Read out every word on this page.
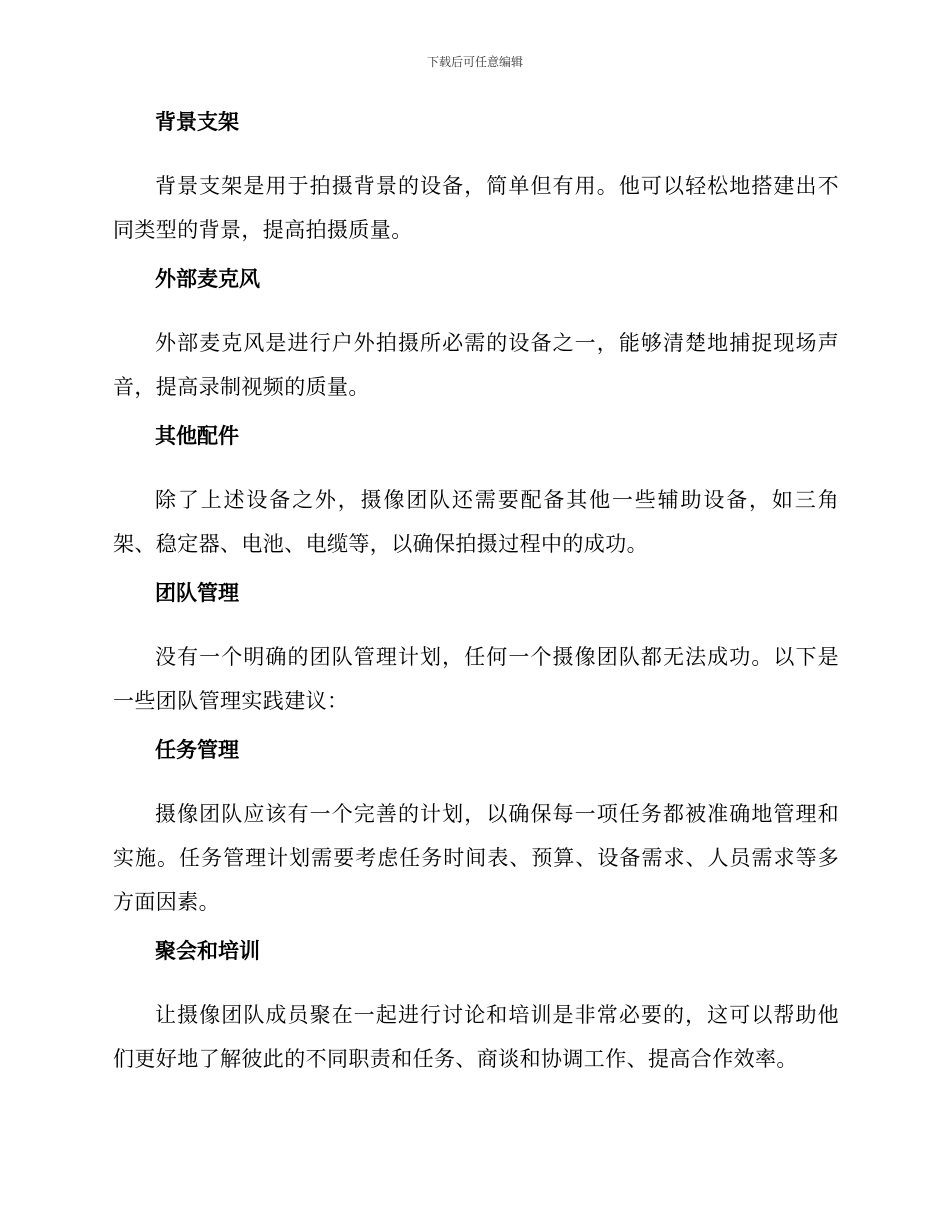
下载后可任意编辑
背景支架

背景支架是用于拍摄背景的设备，简单但有用。他可以轻松地搭建出不同类型的背景，提高拍摄质量。

外部麦克风

外部麦克风是进行户外拍摄所必需的设备之一，能够清楚地捕捉现场声音，提高录制视频的质量。

其他配件

除了上述设备之外，摄像团队还需要配备其他一些辅助设备，如三角架、稳定器、电池、电缆等，以确保拍摄过程中的成功。

团队管理

没有一个明确的团队管理计划，任何一个摄像团队都无法成功。以下是一些团队管理实践建议：

任务管理

摄像团队应该有一个完善的计划，以确保每一项任务都被准确地管理和实施。任务管理计划需要考虑任务时间表、预算、设备需求、人员需求等多方面因素。

聚会和培训

让摄像团队成员聚在一起进行讨论和培训是非常必要的，这可以帮助他们更好地了解彼此的不同职责和任务、商谈和协调工作、提高合作效率。
